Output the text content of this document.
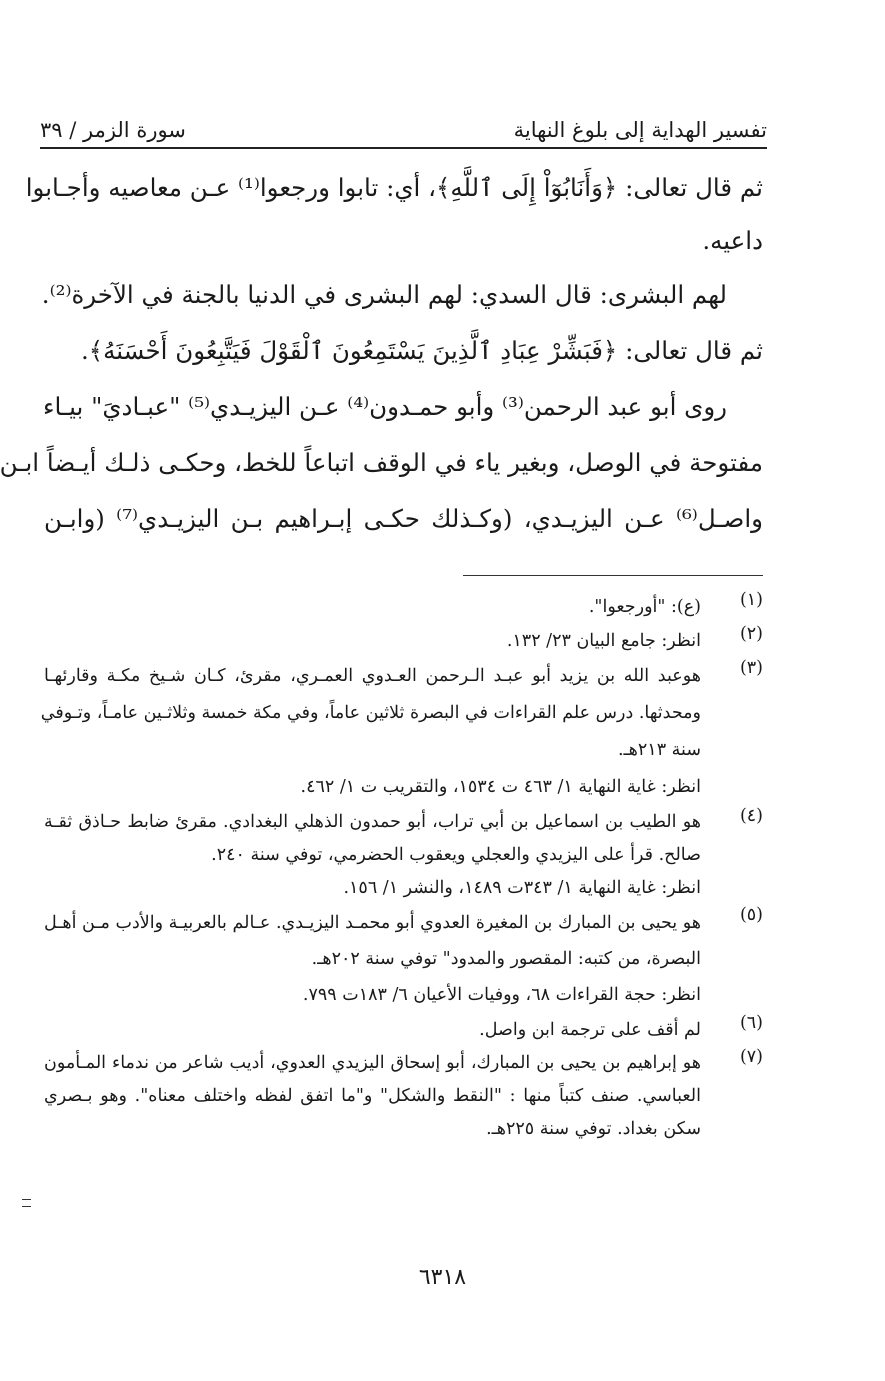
تفسير الهداية إلى بلوغ النهاية
سورة الزمر / ٣٩
ثم قال تعالى: ﴿وَأَنَابُوٓاْ إِلَى ٱللَّهِ﴾، أي: تابوا ورجعوا⁽¹⁾ عـن معاصيه وأجـابوا
داعيه.
لهم البشرى: قال السدي: لهم البشرى في الدنيا بالجنة في الآخرة⁽²⁾.
ثم قال تعالى: ﴿فَبَشِّرْ عِبَادِ ٱلَّذِينَ يَسْتَمِعُونَ ٱلْقَوْلَ فَيَتَّبِعُونَ أَحْسَنَهُ﴾.
روى أبو عبد الرحمن⁽³⁾ وأبو حمـدون⁽⁴⁾ عـن اليزيـدي⁽⁵⁾ "عبـاديَ" بيـاء
مفتوحة في الوصل، وبغير ياء في الوقف اتباعاً للخط، وحكـى ذلـك أيـضاً ابـن
واصـل⁽⁶⁾ عـن اليزيـدي، (وكـذلك حكـى إبـراهيم بـن اليزيـدي⁽⁷⁾ (وابـن
(١)
(ع): "أورجعوا".
(٢)
انظر: جامع البيان ٢٣/ ١٣٢.
(٣)
هوعبد الله بن يزيد أبو عبـد الـرحمن العـدوي العمـري، مقرئ، كـان شـيخ مكـة وقارئهـا
ومحدثها. درس علم القراءات في البصرة ثلاثين عاماً، وفي مكة خمسة وثلاثـين عامـاً، وتـوفي
سنة ٢١٣هـ.
انظر: غاية النهاية ١/ ٤٦٣ ت ١٥٣٤، والتقريب ت ١/ ٤٦٢.
(٤)
هو الطيب بن اسماعيل بن أبي تراب، أبو حمدون الذهلي البغدادي. مقرئ ضابط حـاذق ثقـة
صالح. قرأ على اليزيدي والعجلي ويعقوب الحضرمي، توفي سنة ٢٤٠.
انظر: غاية النهاية ١/ ٣٤٣ت ١٤٨٩، والنشر ١/ ١٥٦.
(٥)
هو يحيى بن المبارك بن المغيرة العدوي أبو محمـد اليزيـدي. عـالم بالعربيـة والأدب مـن أهـل
البصرة، من كتبه: المقصور والمدود" توفي سنة ٢٠٢هـ.
انظر: حجة القراءات ٦٨، ووفيات الأعيان ٦/ ١٨٣ت ٧٩٩.
(٦)
لم أقف على ترجمة ابن واصل.
(٧)
هو إبراهيم بن يحيى بن المبارك، أبو إسحاق اليزيدي العدوي، أديب شاعر من ندماء المـأمون
العباسي. صنف كتباً منها : "النقط والشكل" و"ما اتفق لفظه واختلف معناه". وهو بـصري
سكن بغداد. توفي سنة ٢٢٥هـ.
٦٣١٨
